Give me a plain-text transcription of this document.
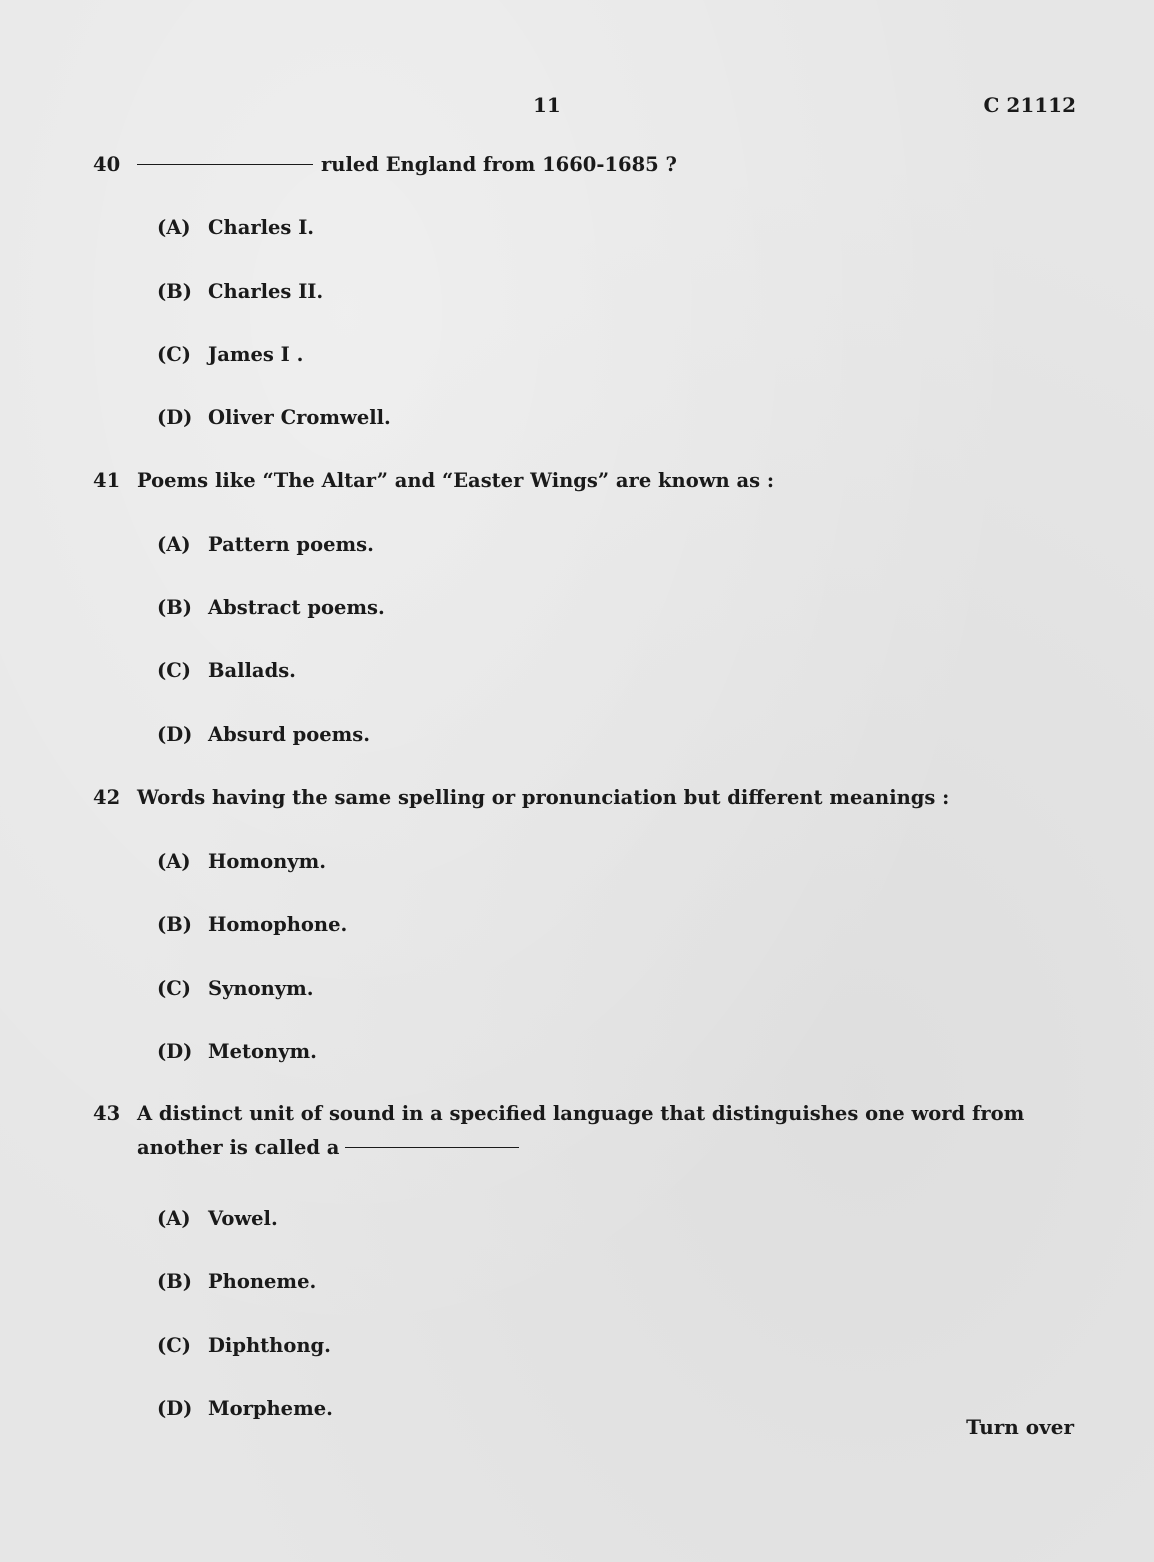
11	C 21112
40	ruled England from 1660-1685 ?
(A) Charles I.
(B) Charles II.
(C) James I .
(D) Oliver Cromwell.
41 Poems like “The Altar” and “Easter Wings” are known as :
(A) Pattern poems.
(B) Abstract poems.
(C) Ballads.
(D) Absurd poems.
42 Words having the same spelling or pronunciation but different meanings :
(A) Homonym.
(B) Homophone.
(C) Synonym.
(D) Metonym.
43 A distinct unit of sound in a specified language that distinguishes one word from another is called a
(A) Vowel.
(B) Phoneme.
(C) Diphthong.
(D) Morpheme.
Turn over
